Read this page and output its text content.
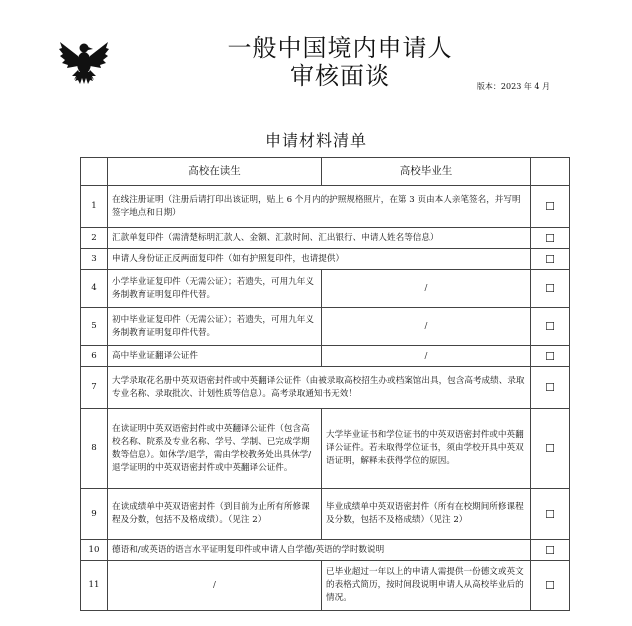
一般中国境内申请人
审核面谈	版本：2023 年 4 月
申请材料清单
	高校在读生	高校毕业生	
1	在线注册证明（注册后请打印出该证明，贴上 6 个月内的护照规格照片，在第 3 页由本人亲笔签名，并写明签字地点和日期）		☐
2	汇款单复印件（需清楚标明汇款人、金额、汇款时间、汇出银行、申请人姓名等信息）		☐
3	申请人身份证正反两面复印件（如有护照复印件，也请提供）		☐
4	小学毕业证复印件（无需公证）；若遗失，可用九年义务制教育证明复印件代替。	/	☐
5	初中毕业证复印件（无需公证）；若遗失，可用九年义务制教育证明复印件代替。	/	☐
6	高中毕业证翻译公证件	/	☐
7	大学录取花名册中英双语密封件或中英翻译公证件（由被录取高校招生办或档案馆出具，包含高考成绩、录取专业名称、录取批次、计划性质等信息）。高考录取通知书无效！		☐
8	在读证明中英双语密封件或中英翻译公证件（包含高校名称、院系及专业名称、学号、学制、已完成学期数等信息）。如休学/退学，需由学校教务处出具休学/退学证明的中英双语密封件或中英翻译公证件。	大学毕业证书和学位证书的中英双语密封件或中英翻译公证件。若未取得学位证书，须由学校开具中英双语证明，解释未获得学位的原因。	☐
9	在读成绩单中英双语密封件（到目前为止所有所修课程及分数，包括不及格成绩）。（见注 2）	毕业成绩单中英双语密封件（所有在校期间所修课程及分数，包括不及格成绩）（见注 2）	☐
10	德语和/或英语的语言水平证明复印件或申请人自学德/英语的学时数说明		☐
11	/	已毕业超过一年以上的申请人需提供一份德文或英文的表格式简历，按时间段说明申请人从高校毕业后的情况。	☐
